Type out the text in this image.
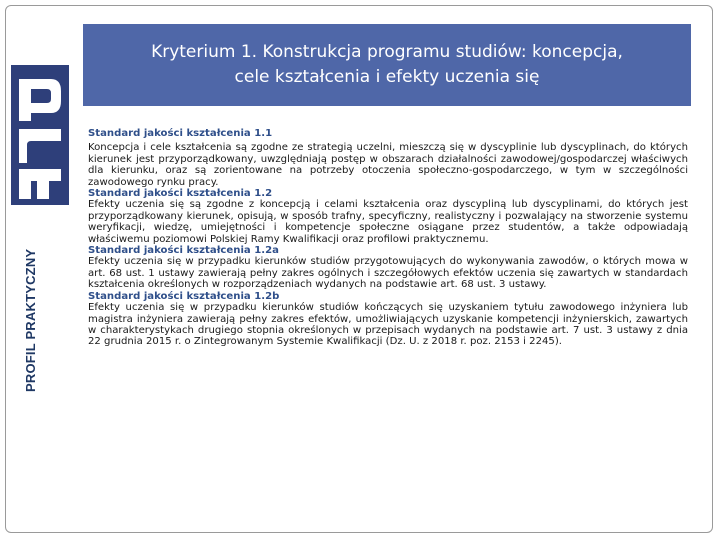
PROFIL PRAKTYCZNY
Kryterium 1. Konstrukcja programu studiów: koncepcja,
cele kształcenia i efekty uczenia się

Standard jakości kształcenia 1.1

Koncepcja i cele kształcenia są zgodne ze strategią uczelni, mieszczą się w dyscyplinie lub dyscyplinach, do których kierunek jest przyporządkowany, uwzględniają postęp w obszarach działalności zawodowej/gospodarczej właściwych dla kierunku, oraz są zorientowane na potrzeby otoczenia społeczno-gospodarczego, w tym w szczególności zawodowego rynku pracy.

Standard jakości kształcenia 1.2

Efekty uczenia się są zgodne z koncepcją i celami kształcenia oraz dyscypliną lub dyscyplinami, do których jest przyporządkowany kierunek, opisują, w sposób trafny, specyficzny, realistyczny i pozwalający na stworzenie systemu weryfikacji, wiedzę, umiejętności i kompetencje społeczne osiągane przez studentów, a także odpowiadają właściwemu poziomowi Polskiej Ramy Kwalifikacji oraz profilowi praktycznemu.

Standard jakości kształcenia 1.2a

Efekty uczenia się w przypadku kierunków studiów przygotowujących do wykonywania zawodów, o których mowa w art. 68 ust. 1 ustawy zawierają pełny zakres ogólnych i szczegółowych efektów uczenia się zawartych w standardach kształcenia określonych w rozporządzeniach wydanych na podstawie art. 68 ust. 3 ustawy.

Standard jakości kształcenia 1.2b

Efekty uczenia się w przypadku kierunków studiów kończących się uzyskaniem tytułu zawodowego inżyniera lub magistra inżyniera zawierają pełny zakres efektów, umożliwiających uzyskanie kompetencji inżynierskich, zawartych w charakterystykach drugiego stopnia określonych w przepisach wydanych na podstawie art. 7 ust. 3 ustawy z dnia 22 grudnia 2015 r. o Zintegrowanym Systemie Kwalifikacji (Dz. U. z 2018 r. poz. 2153 i 2245).
